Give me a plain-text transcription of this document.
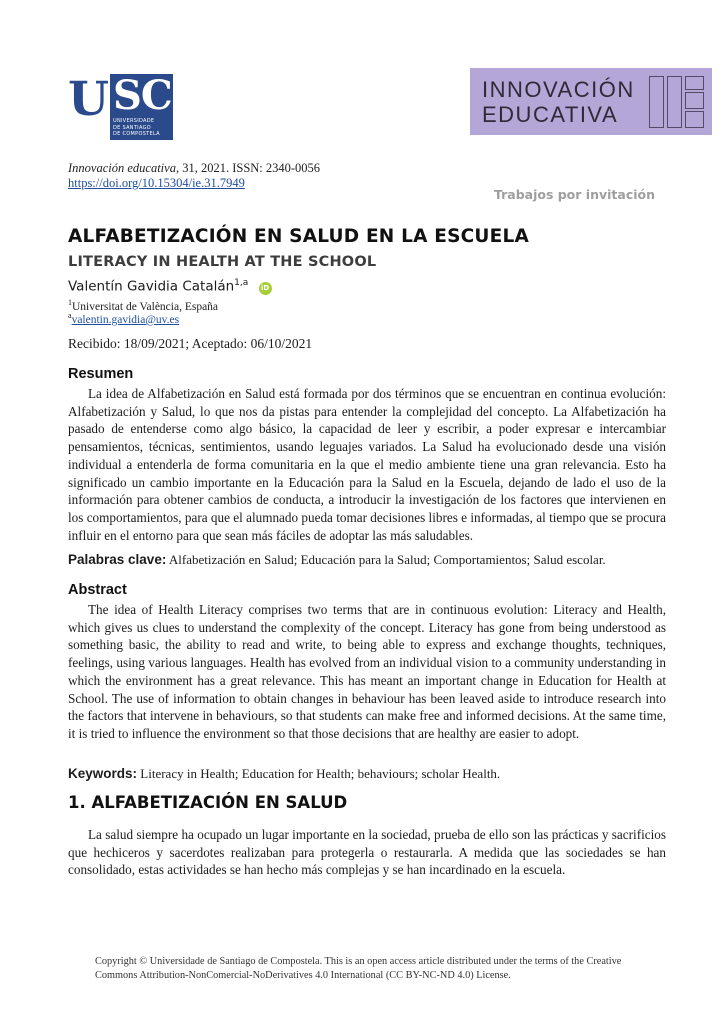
U SC
UNIVERSIDADE
DE SANTIAGO
DE COMPOSTELA
INNOVACIÓN
EDUCATIVA
Innovación educativa, 31, 2021. ISSN: 2340-0056
https://doi.org/10.15304/ie.31.7949
Trabajos por invitación
ALFABETIZACIÓN EN SALUD EN LA ESCUELA
LITERACY IN HEALTH AT THE SCHOOL
Valentín Gavidia Catalán$^{1,a}$ iD
$^1$Universitat de València, España
$^a$valentin.gavidia@uv.es
Recibido: 18/09/2021; Aceptado: 06/10/2021
Resumen

La idea de Alfabetización en Salud está formada por dos términos que se encuentran en continua evolución: Alfabetización y Salud, lo que nos da pistas para entender la complejidad del concepto. La Alfabetización ha pasado de entenderse como algo básico, la capacidad de leer y escribir, a poder expresar e intercambiar pensamientos, técnicas, sentimientos, usando leguajes variados. La Salud ha evolucionado desde una visión individual a entenderla de forma comunitaria en la que el medio ambiente tiene una gran relevancia. Esto ha significado un cambio importante en la Educación para la Salud en la Escuela, dejando de lado el uso de la información para obtener cambios de conducta, a introducir la investigación de los factores que intervienen en los comportamientos, para que el alumnado pueda tomar decisiones libres e informadas, al tiempo que se procura influir en el entorno para que sean más fáciles de adoptar las más saludables.

Palabras clave: Alfabetización en Salud; Educación para la Salud; Comportamientos; Salud escolar.
Abstract

The idea of Health Literacy comprises two terms that are in continuous evolution: Literacy and Health, which gives us clues to understand the complexity of the concept. Literacy has gone from being understood as something basic, the ability to read and write, to being able to express and exchange thoughts, techniques, feelings, using various languages. Health has evolved from an individual vision to a community understanding in which the environment has a great relevance. This has meant an important change in Education for Health at School. The use of information to obtain changes in behaviour has been leaved aside to introduce research into the factors that intervene in behaviours, so that students can make free and informed decisions. At the same time, it is tried to influence the environment so that those decisions that are healthy are easier to adopt.

Keywords: Literacy in Health; Education for Health; behaviours; scholar Health.
1. ALFABETIZACIÓN EN SALUD

La salud siempre ha ocupado un lugar importante en la sociedad, prueba de ello son las prácticas y sacrificios que hechiceros y sacerdotes realizaban para protegerla o restaurarla. A medida que las sociedades se han consolidado, estas actividades se han hecho más complejas y se han incardinado en la escuela.

Copyright © Universidade de Santiago de Compostela. This is an open access article distributed under the terms of the Creative Commons Attribution-NonComercial-NoDerivatives 4.0 International (CC BY-NC-ND 4.0) License.
